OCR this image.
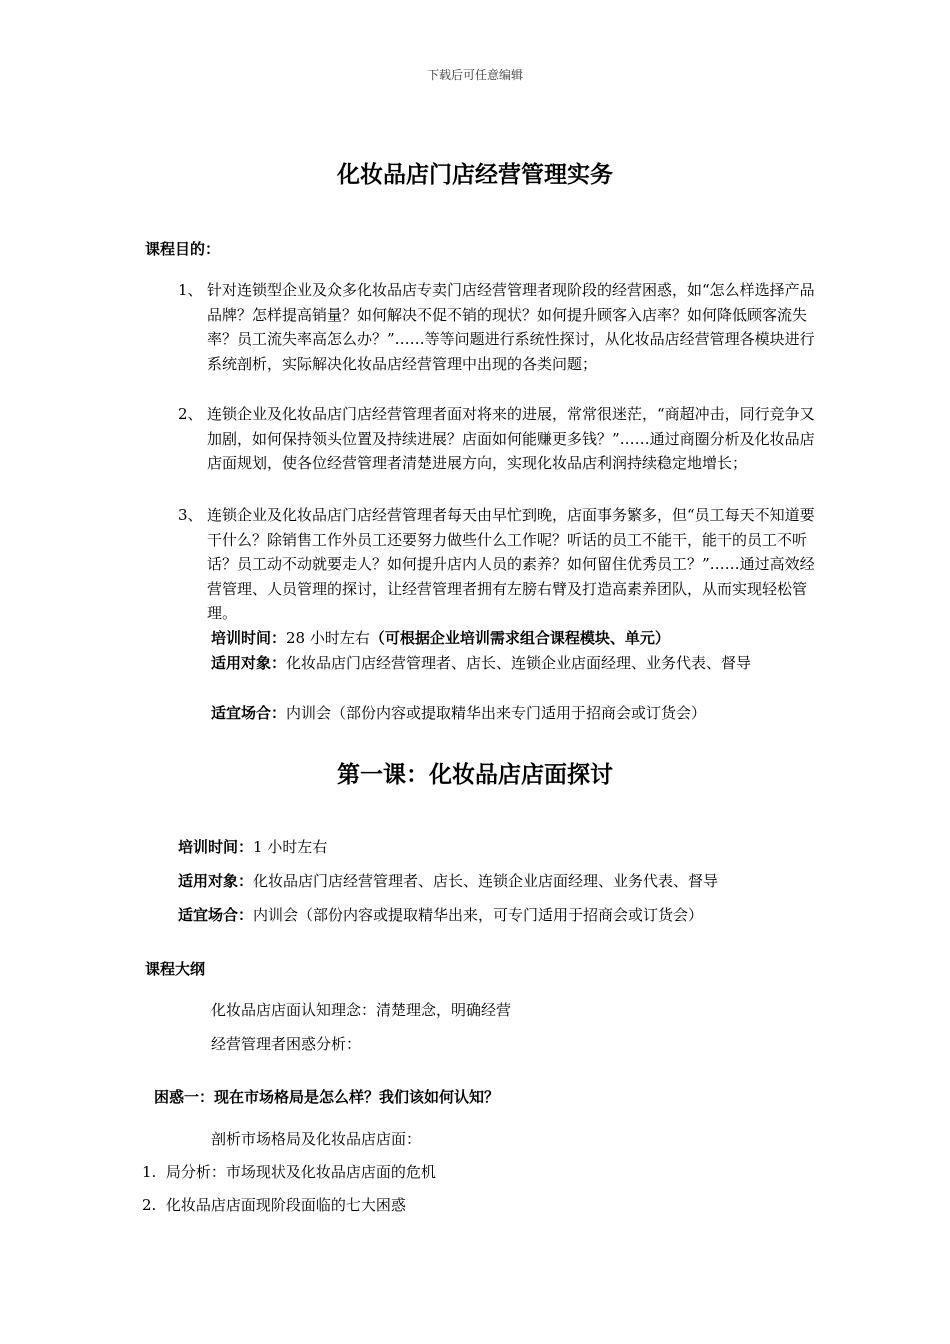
下载后可任意编辑
化妆品店门店经营管理实务
课程目的：
1、 针对连锁型企业及众多化妆品店专卖门店经营管理者现阶段的经营困惑，如“怎么样选择产品品牌？怎样提高销量？如何解决不促不销的现状？如何提升顾客入店率？如何降低顾客流失率？员工流失率高怎么办？”……等等问题进行系统性探讨，从化妆品店经营管理各模块进行系统剖析，实际解决化妆品店经营管理中出现的各类问题；
2、 连锁企业及化妆品店门店经营管理者面对将来的进展，常常很迷茫，“商超冲击，同行竞争又加剧，如何保持领头位置及持续进展？店面如何能赚更多钱？”……通过商圈分析及化妆品店店面规划，使各位经营管理者清楚进展方向，实现化妆品店利润持续稳定地增长；
3、 连锁企业及化妆品店门店经营管理者每天由早忙到晚，店面事务繁多，但“员工每天不知道要干什么？除销售工作外员工还要努力做些什么工作呢？听话的员工不能干，能干的员工不听话？员工动不动就要走人？如何提升店内人员的素养？如何留住优秀员工？”……通过高效经营管理、人员管理的探讨，让经营管理者拥有左膀右臂及打造高素养团队，从而实现轻松管理。
培训时间：28 小时左右（可根据企业培训需求组合课程模块、单元）
适用对象：化妆品店门店经营管理者、店长、连锁企业店面经理、业务代表、督导
适宜场合：内训会（部份内容或提取精华出来专门适用于招商会或订货会）
第一课：化妆品店店面探讨
培训时间：1 小时左右
适用对象：化妆品店门店经营管理者、店长、连锁企业店面经理、业务代表、督导
适宜场合：内训会（部份内容或提取精华出来，可专门适用于招商会或订货会）
课程大纲
化妆品店店面认知理念：清楚理念，明确经营
经营管理者困惑分析：
困惑一：现在市场格局是怎么样？我们该如何认知？
剖析市场格局及化妆品店店面：
1. 局分析：市场现状及化妆品店店面的危机
2. 化妆品店店面现阶段面临的七大困惑
